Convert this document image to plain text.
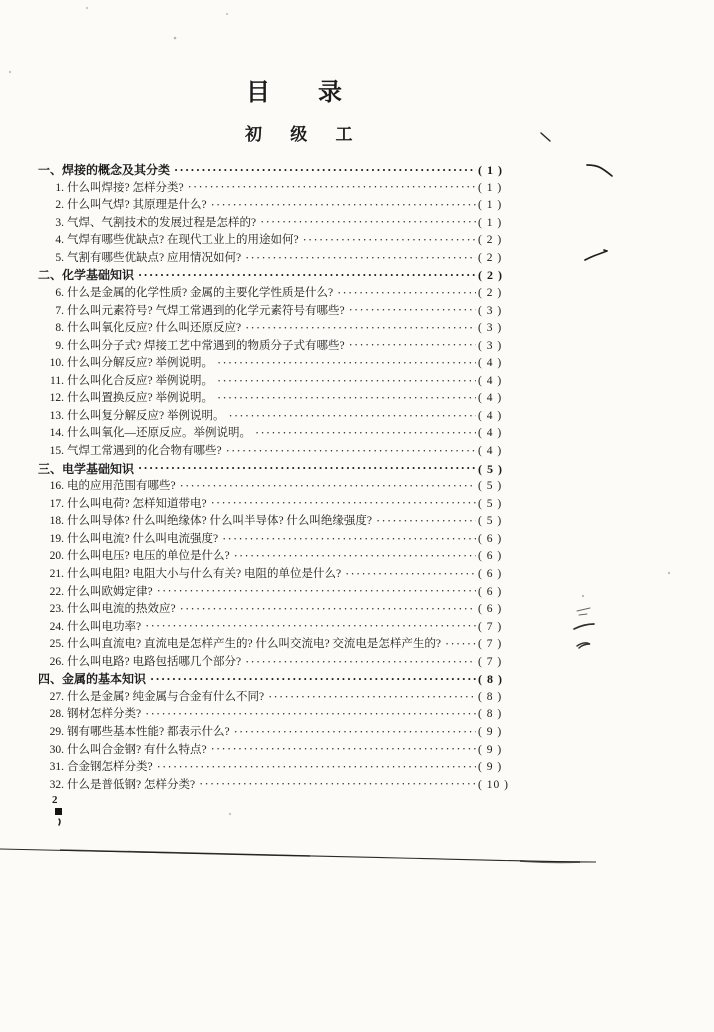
目 录
初 级 工
一、焊接的概念及其分类 ·····	( 1 )
1. 什么叫焊接? 怎样分类? ·····	( 1 )
2. 什么叫气焊? 其原理是什么? ·····	( 1 )
3. 气焊、气割技术的发展过程是怎样的? ·····	( 1 )
4. 气焊有哪些优缺点? 在现代工业上的用途如何? ·····	( 2 )
5. 气割有哪些优缺点? 应用情况如何? ·····	( 2 )
二、化学基础知识 ·····	( 2 )
6. 什么是金属的化学性质? 金属的主要化学性质是什么? ·····	( 2 )
7. 什么叫元素符号? 气焊工常遇到的化学元素符号有哪些? ·····	( 3 )
8. 什么叫氧化反应? 什么叫还原反应? ·····	( 3 )
9. 什么叫分子式? 焊接工艺中常遇到的物质分子式有哪些? ·····	( 3 )
10. 什么叫分解反应? 举例说明。 ·····	( 4 )
11. 什么叫化合反应? 举例说明。 ·····	( 4 )
12. 什么叫置换反应? 举例说明。 ·····	( 4 )
13. 什么叫复分解反应? 举例说明。 ·····	( 4 )
14. 什么叫氧化—还原反应。举例说明。 ·····	( 4 )
15. 气焊工常遇到的化合物有哪些? ·····	( 4 )
三、电学基础知识 ·····	( 5 )
16. 电的应用范围有哪些? ·····	( 5 )
17. 什么叫电荷? 怎样知道带电? ·····	( 5 )
18. 什么叫导体? 什么叫绝缘体? 什么叫半导体? 什么叫绝缘强度? ·····	( 5 )
19. 什么叫电流? 什么叫电流强度? ·····	( 6 )
20. 什么叫电压? 电压的单位是什么? ·····	( 6 )
21. 什么叫电阻? 电阻大小与什么有关? 电阻的单位是什么? ·····	( 6 )
22. 什么叫欧姆定律? ·····	( 6 )
23. 什么叫电流的热效应? ·····	( 6 )
24. 什么叫电功率? ·····	( 7 )
25. 什么叫直流电? 直流电是怎样产生的? 什么叫交流电? 交流电是怎样产生的? ·····	( 7 )
26. 什么叫电路? 电路包括哪几个部分? ·····	( 7 )
四、金属的基本知识 ·····	( 8 )
27. 什么是金属? 纯金属与合金有什么不同? ·····	( 8 )
28. 钢材怎样分类? ·····	( 8 )
29. 钢有哪些基本性能? 都表示什么? ·····	( 9 )
30. 什么叫合金钢? 有什么特点? ·····	( 9 )
31. 合金钢怎样分类? ·····	( 9 )
32. 什么是普低钢? 怎样分类? ·····	( 10 )
2
